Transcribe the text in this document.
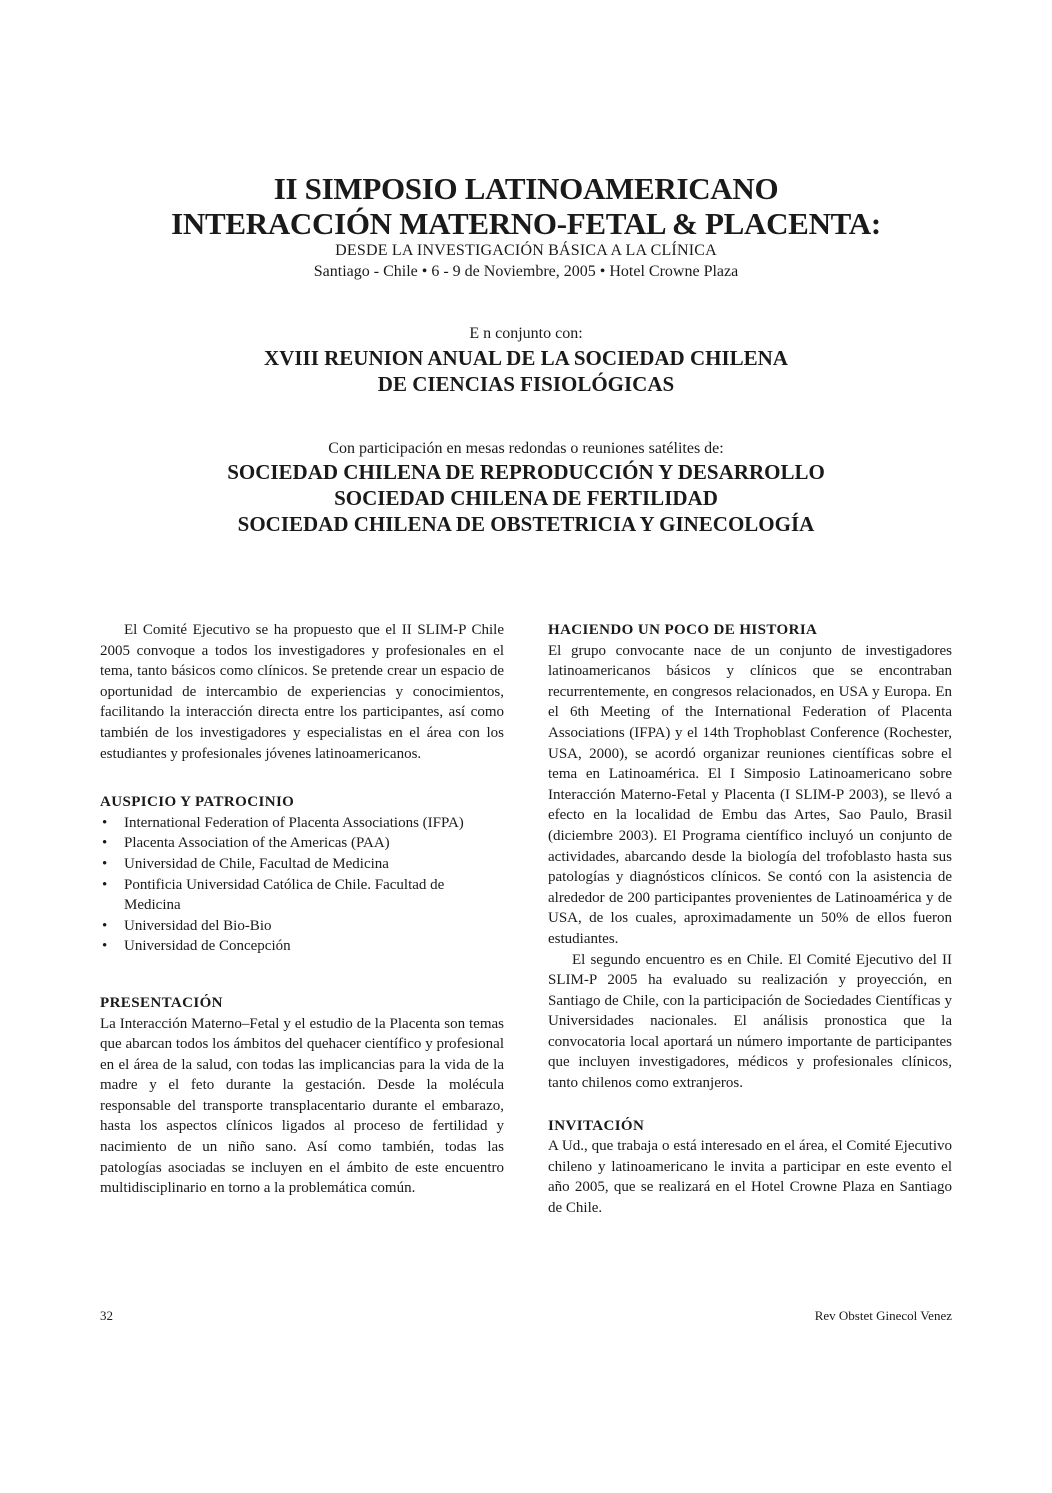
II SIMPOSIO LATINOAMERICANO
INTERACCIÓN MATERNO-FETAL & PLACENTA:
DESDE LA INVESTIGACIÓN BÁSICA A LA CLÍNICA
Santiago - Chile • 6 - 9 de Noviembre, 2005 • Hotel Crowne Plaza
E n conjunto con:
XVIII REUNION ANUAL DE LA SOCIEDAD CHILENA
DE CIENCIAS FISIOLÓGICAS
Con participación en mesas redondas o reuniones satélites de:
SOCIEDAD CHILENA DE REPRODUCCIÓN Y DESARROLLO
SOCIEDAD CHILENA DE FERTILIDAD
SOCIEDAD CHILENA DE OBSTETRICIA Y GINECOLOGÍA

El Comité Ejecutivo se ha propuesto que el II SLIM-P Chile 2005 convoque a todos los investigadores y profesionales en el tema, tanto básicos como clínicos. Se pretende crear un espacio de oportunidad de intercambio de experiencias y conocimientos, facilitando la interacción directa entre los participantes, así como también de los investigadores y especialistas en el área con los estudiantes y profesionales jóvenes latinoamericanos.

AUSPICIO Y PATROCINIO

• International Federation of Placenta Associations (IFPA)
• Placenta Association of the Americas (PAA)
• Universidad de Chile, Facultad de Medicina
• Pontificia Universidad Católica de Chile. Facultad de Medicina
• Universidad del Bio-Bio
• Universidad de Concepción

PRESENTACIÓN

La Interacción Materno–Fetal y el estudio de la Placenta son temas que abarcan todos los ámbitos del quehacer científico y profesional en el área de la salud, con todas las implicancias para la vida de la madre y el feto durante la gestación. Desde la molécula responsable del transporte transplacentario durante el embarazo, hasta los aspectos clínicos ligados al proceso de fertilidad y nacimiento de un niño sano. Así como también, todas las patologías asociadas se incluyen en el ámbito de este encuentro multidisciplinario en torno a la problemática común.

HACIENDO UN POCO DE HISTORIA

El grupo convocante nace de un conjunto de investigadores latinoamericanos básicos y clínicos que se encontraban recurrentemente, en congresos relacionados, en USA y Europa. En el 6th Meeting of the International Federation of Placenta Associations (IFPA) y el 14th Trophoblast Conference (Rochester, USA, 2000), se acordó organizar reuniones científicas sobre el tema en Latinoamérica. El I Simposio Latinoamericano sobre Interacción Materno-Fetal y Placenta (I SLIM-P 2003), se llevó a efecto en la localidad de Embu das Artes, Sao Paulo, Brasil (diciembre 2003). El Programa científico incluyó un conjunto de actividades, abarcando desde la biología del trofoblasto hasta sus patologías y diagnósticos clínicos. Se contó con la asistencia de alrededor de 200 participantes provenientes de Latinoamérica y de USA, de los cuales, aproximadamente un 50% de ellos fueron estudiantes.

El segundo encuentro es en Chile. El Comité Ejecutivo del II SLIM-P 2005 ha evaluado su realización y proyección, en Santiago de Chile, con la participación de Sociedades Científicas y Universidades nacionales. El análisis pronostica que la convocatoria local aportará un número importante de participantes que incluyen investigadores, médicos y profesionales clínicos, tanto chilenos como extranjeros.

INVITACIÓN

A Ud., que trabaja o está interesado en el área, el Comité Ejecutivo chileno y latinoamericano le invita a participar en este evento el año 2005, que se realizará en el Hotel Crowne Plaza en Santiago de Chile.

32	Rev Obstet Ginecol Venez
